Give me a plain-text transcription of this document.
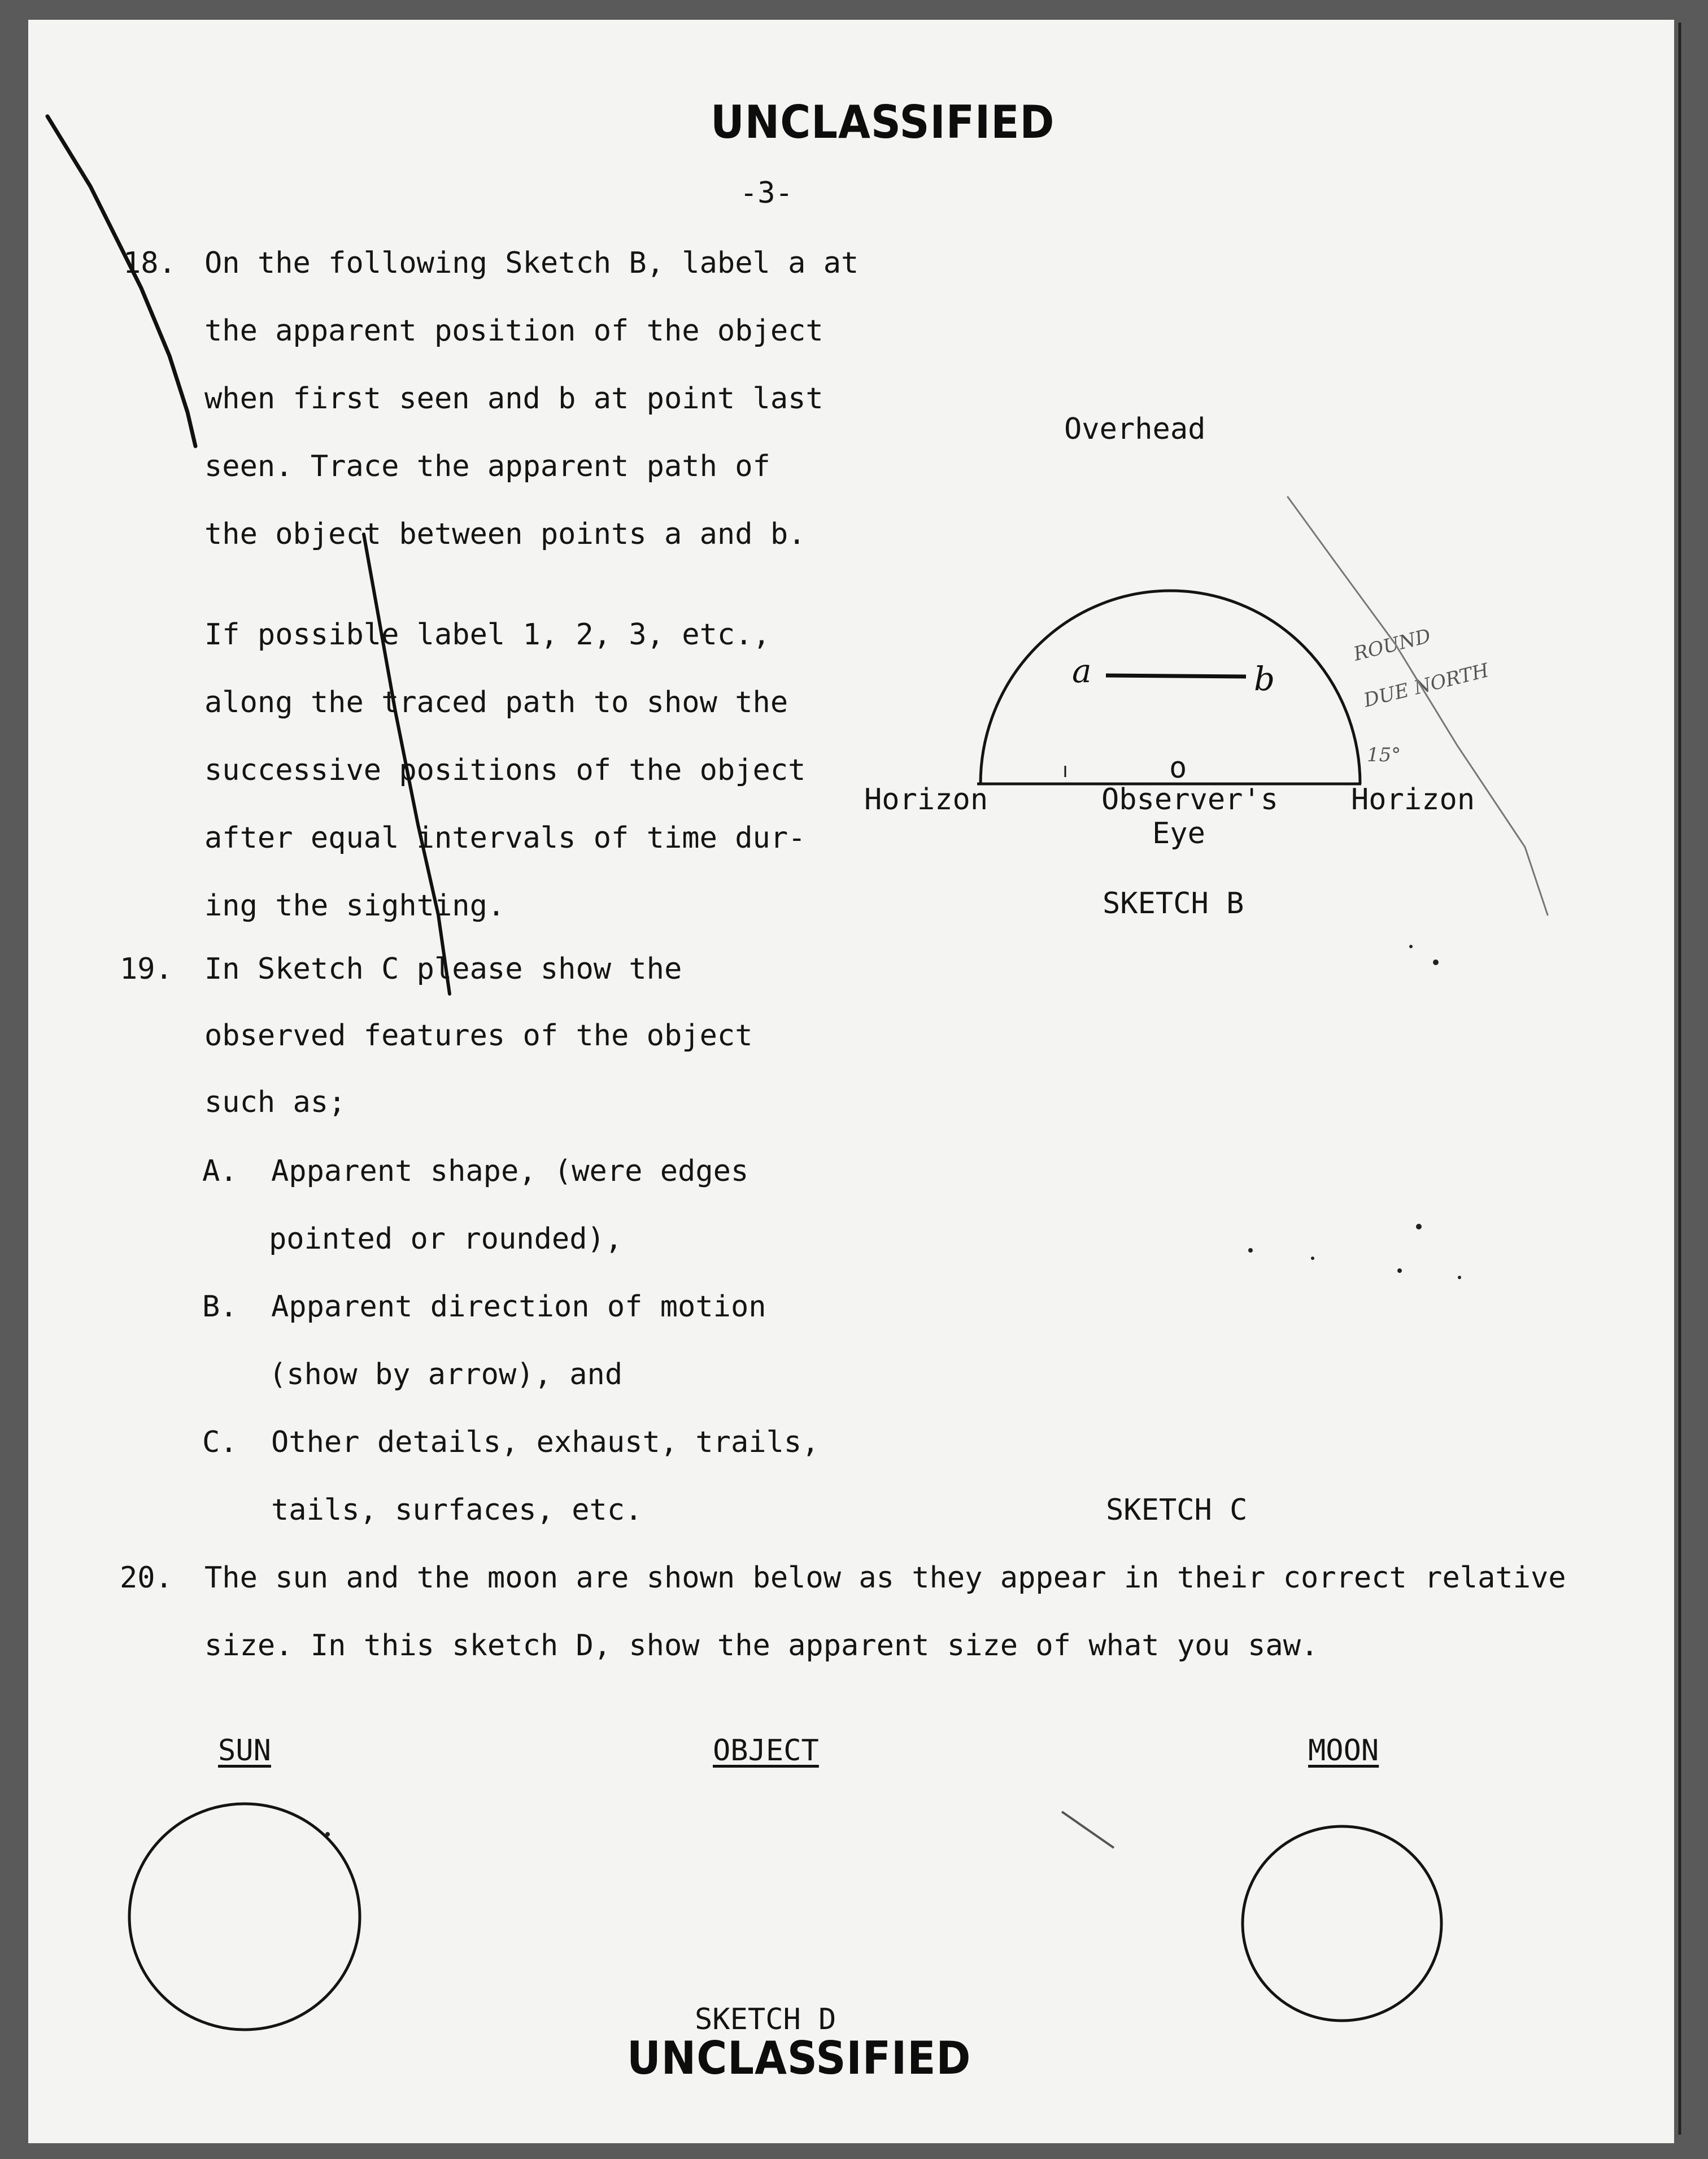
UNCLASSIFIED
-3-
18. On the following Sketch B, label a at
the apparent position of the object
when first seen and b at point last
seen. Trace the apparent path of
the object between points a and b.
If possible label 1, 2, 3, etc.,
along the traced path to show the
successive positions of the object
after equal intervals of time dur-
ing the sighting.
Overhead
Horizon	Horizon
o
Observer's
Eye
SKETCH B
19. In Sketch C please show the
observed features of the object
such as;
A. Apparent shape, (were edges
pointed or rounded),
B. Apparent direction of motion
(show by arrow), and
C. Other details, exhaust, trails,
tails, surfaces, etc.	SKETCH C
20. The sun and the moon are shown below as they appear in their correct relative
size. In this sketch D, show the apparent size of what you saw.
SUN	OBJECT	MOON
SKETCH D
UNCLASSIFIED
a	b
ROUND
DUE NORTH
15°
